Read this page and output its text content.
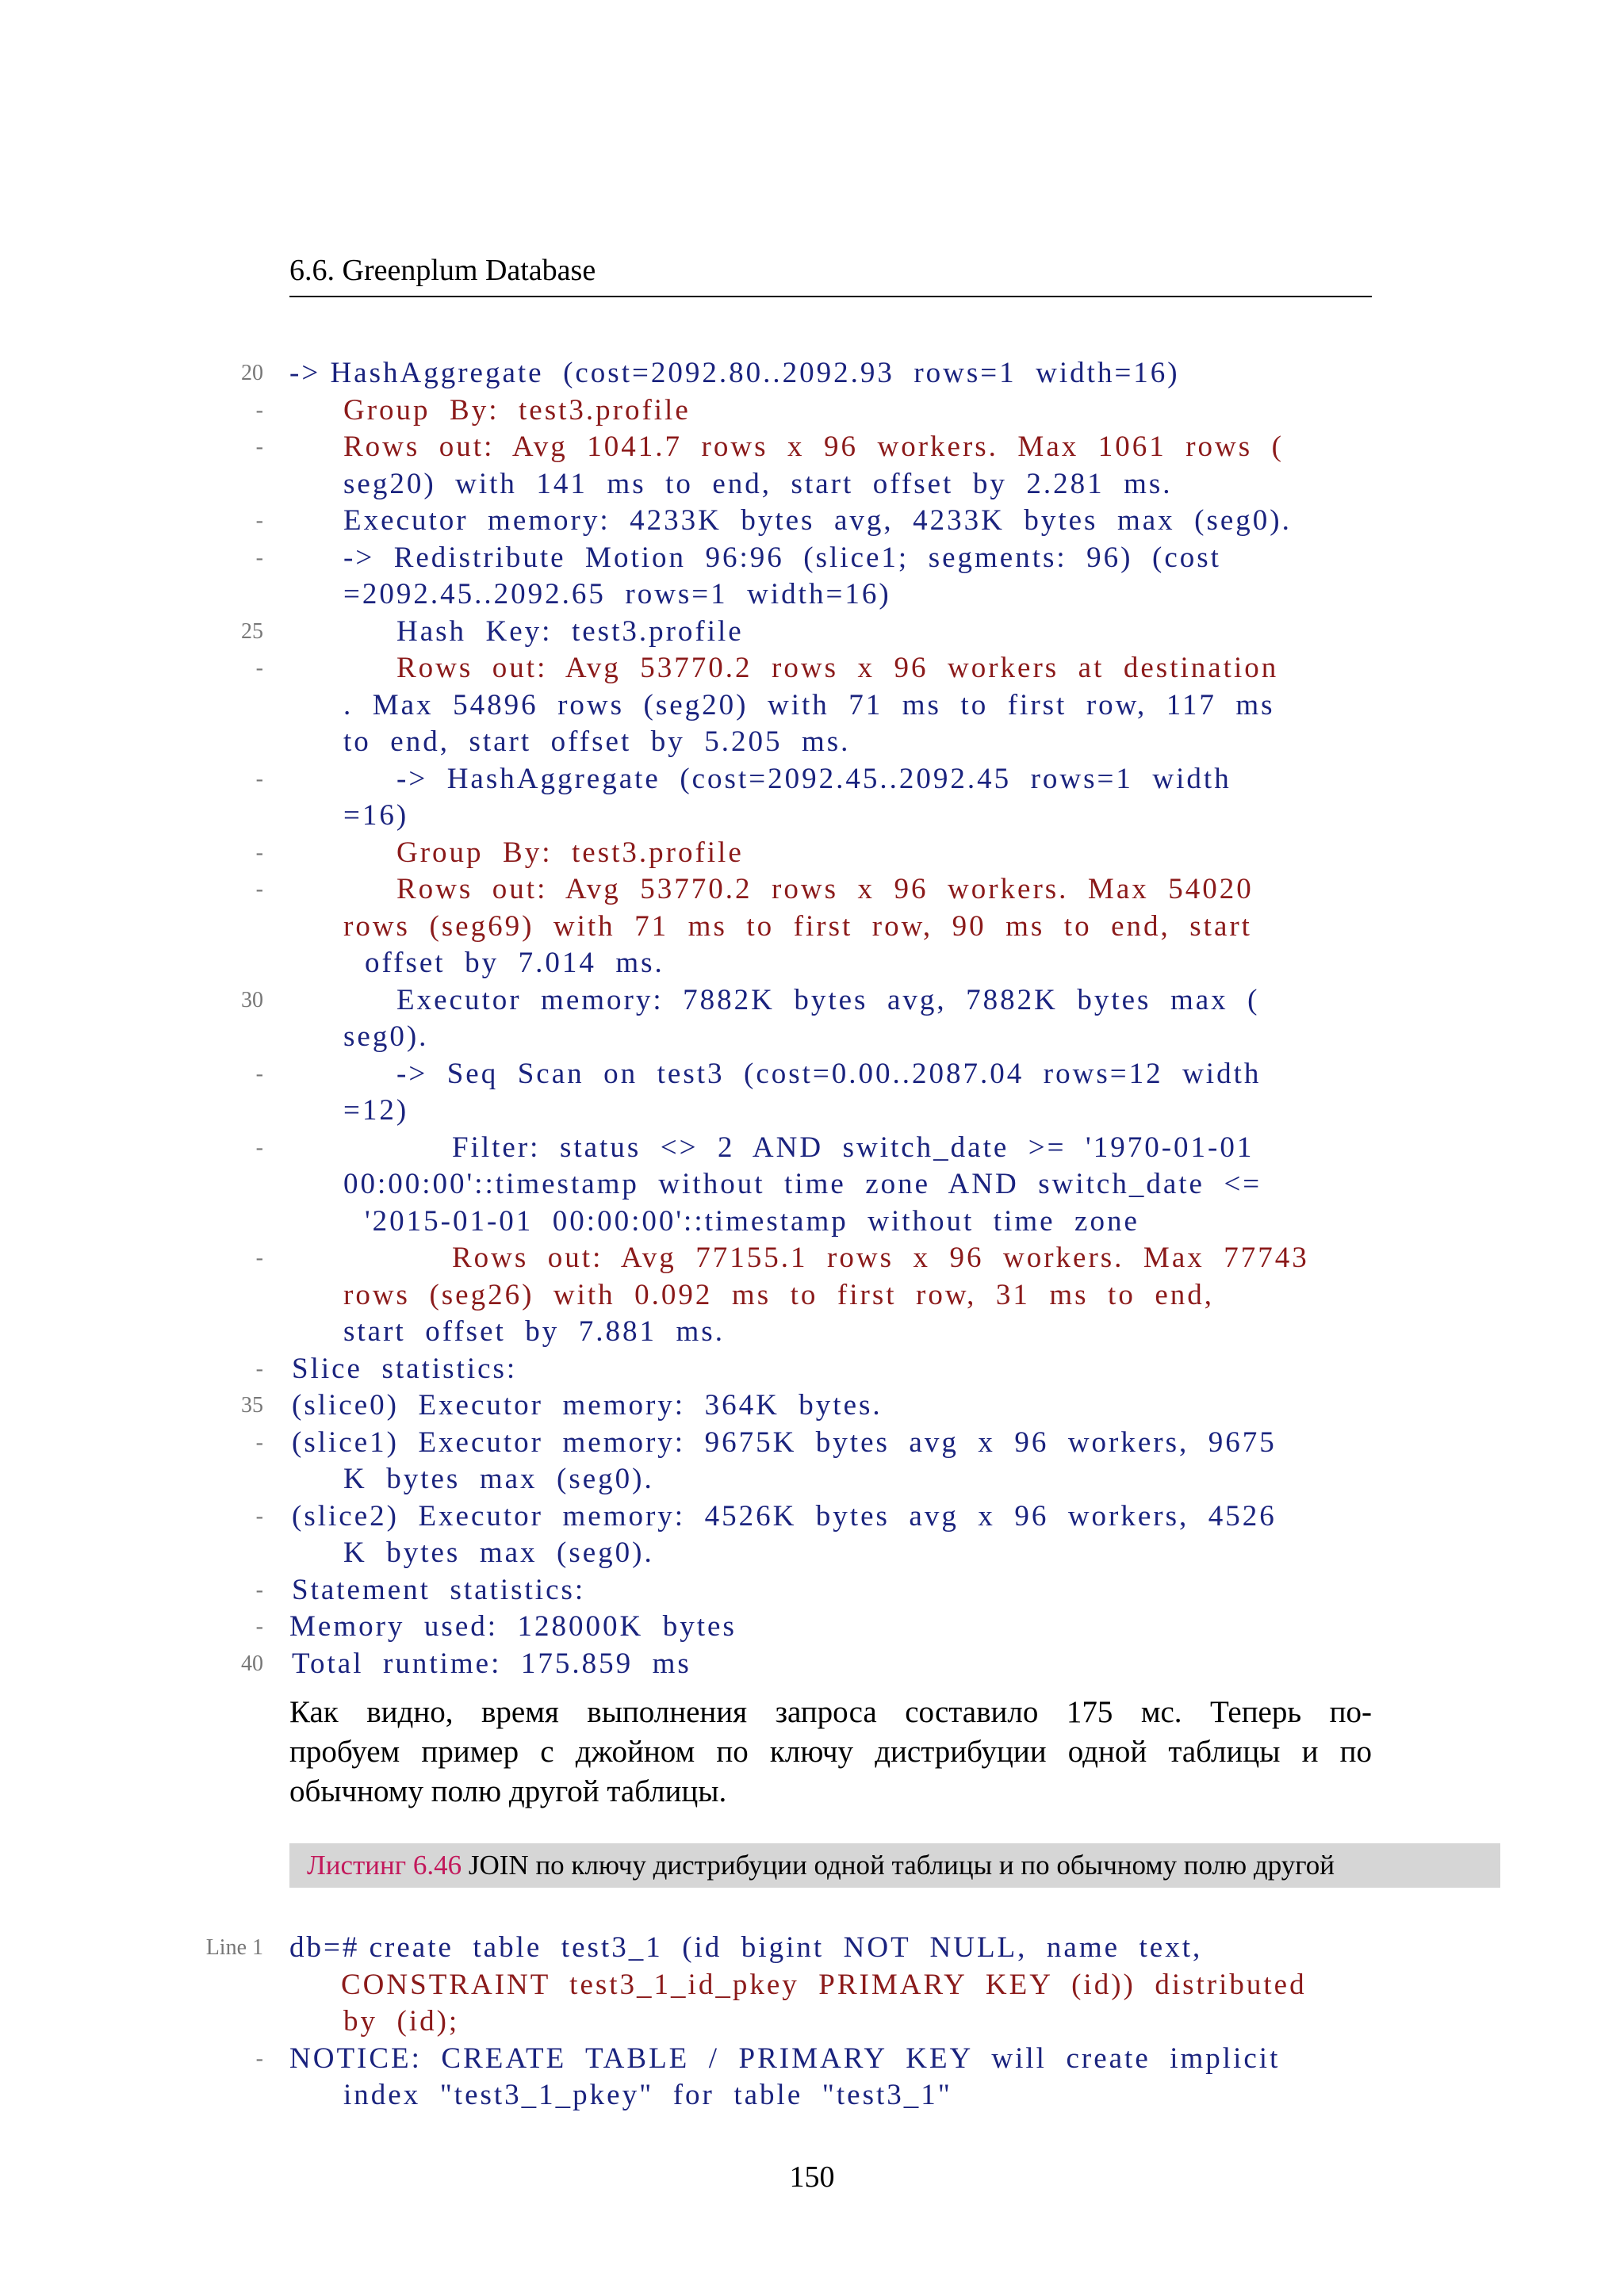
6.6. Greenplum Database
20 -> HashAggregate  (cost=2092.80..2092.93  rows=1  width=16)
-	Group  By:  test3.profile
-	Rows  out:  Avg  1041.7  rows  x  96  workers.  Max  1061  rows  (
seg20)  with  141  ms  to  end,  start  offset  by  2.281  ms.
-	Executor  memory:  4233K  bytes  avg,  4233K  bytes  max  (seg0).
-	->  Redistribute  Motion  96:96  (slice1;  segments:  96)  (cost
=2092.45..2092.65  rows=1  width=16)
25	Hash  Key:  test3.profile
-	Rows  out:  Avg  53770.2  rows  x  96  workers  at  destination
.  Max  54896  rows  (seg20)  with  71  ms  to  first  row,  117  ms
to  end,  start  offset  by  5.205  ms.
-	->  HashAggregate  (cost=2092.45..2092.45  rows=1  width
=16)
-	Group  By:  test3.profile
-	Rows  out:  Avg  53770.2  rows  x  96  workers.  Max  54020
rows  (seg69)  with  71  ms  to  first  row,  90  ms  to  end,  start
offset  by  7.014  ms.
30	Executor  memory:  7882K  bytes  avg,  7882K  bytes  max  (
seg0).
-	->  Seq  Scan  on  test3  (cost=0.00..2087.04  rows=12  width
=12)
-	Filter:  status  <>  2  AND  switch_date  >=  '1970-01-01
00:00:00'::timestamp  without  time  zone  AND  switch_date  <=
'2015-01-01  00:00:00'::timestamp  without  time  zone
-	Rows  out:  Avg  77155.1  rows  x  96  workers.  Max  77743
rows  (seg26)  with  0.092  ms  to  first  row,  31  ms  to  end,
start  offset  by  7.881  ms.
- Slice  statistics:
35 (slice0)  Executor  memory:  364K  bytes.
- (slice1)  Executor  memory:  9675K  bytes  avg  x  96  workers,  9675
K  bytes  max  (seg0).
- (slice2)  Executor  memory:  4526K  bytes  avg  x  96  workers,  4526
K  bytes  max  (seg0).
- Statement  statistics:
- Memory  used:  128000K  bytes
40 Total  runtime:  175.859  ms
Как видно, время выполнения запроса составило 175 мс. Теперь по-
пробуем пример с джойном по ключу дистрибуции одной таблицы и по
обычному полю другой таблицы.
Листинг 6.46 JOIN по ключу дистрибуции одной таблицы и по обычному полю другой
Line 1 db=# create  table  test3_1  (id  bigint  NOT  NULL,  name  text,
CONSTRAINT  test3_1_id_pkey  PRIMARY  KEY  (id))  distributed
by  (id);
- NOTICE:  CREATE  TABLE  /  PRIMARY  KEY  will  create  implicit
index  "test3_1_pkey"  for  table  "test3_1"
150
